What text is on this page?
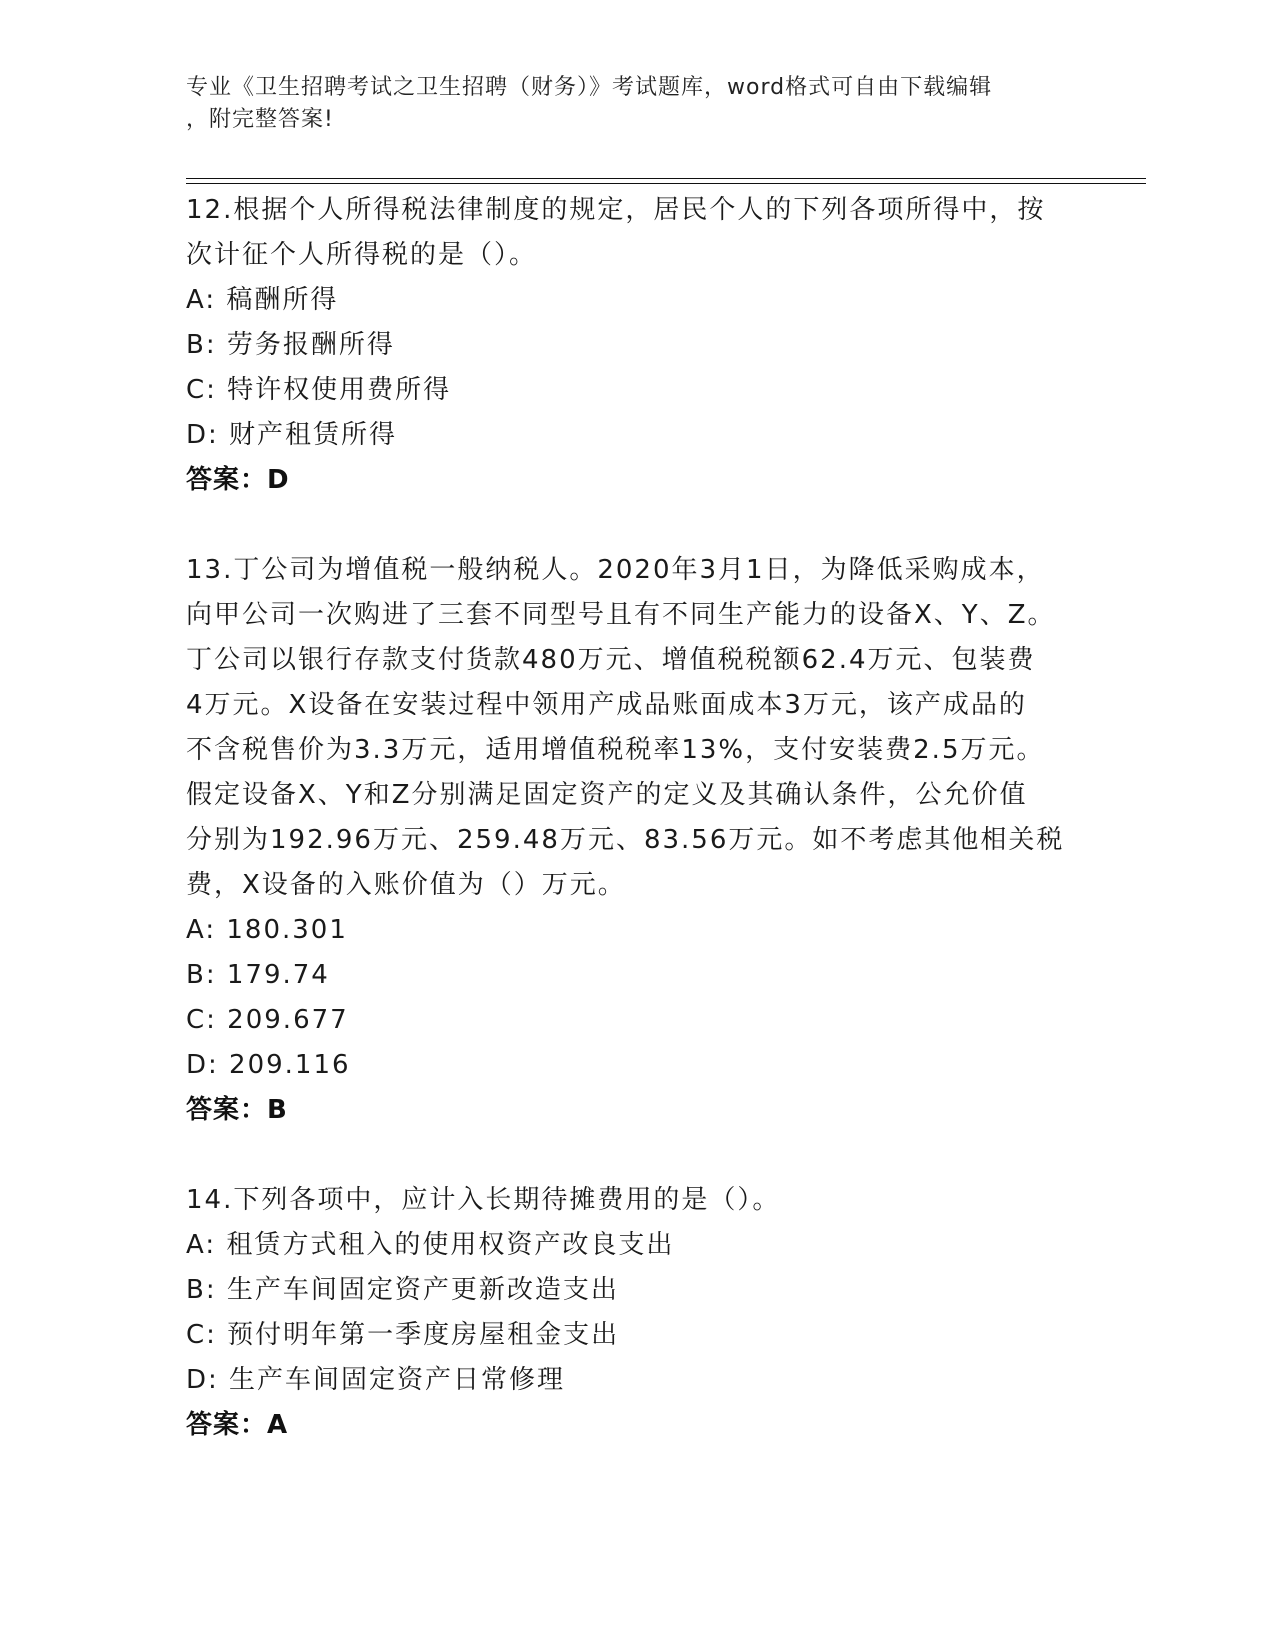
专业《卫生招聘考试之卫生招聘（财务）》考试题库，word格式可自由下载编辑
，附完整答案!
12.根据个人所得税法律制度的规定，居民个人的下列各项所得中，按
次计征个人所得税的是（）。
A: 稿酬所得
B: 劳务报酬所得
C: 特许权使用费所得
D: 财产租赁所得
答案：D
13.丁公司为增值税一般纳税人。2020年3月1日，为降低采购成本，
向甲公司一次购进了三套不同型号且有不同生产能力的设备X、Y、Z。
丁公司以银行存款支付货款480万元、增值税税额62.4万元、包装费
4万元。X设备在安装过程中领用产成品账面成本3万元，该产成品的
不含税售价为3.3万元，适用增值税税率13%，支付安装费2.5万元。
假定设备X、Y和Z分别满足固定资产的定义及其确认条件，公允价值
分别为192.96万元、259.48万元、83.56万元。如不考虑其他相关税
费，X设备的入账价值为（）万元。
A: 180.301
B: 179.74
C: 209.677
D: 209.116
答案：B
14.下列各项中，应计入长期待摊费用的是（）。
A: 租赁方式租入的使用权资产改良支出
B: 生产车间固定资产更新改造支出
C: 预付明年第一季度房屋租金支出
D: 生产车间固定资产日常修理
答案：A
